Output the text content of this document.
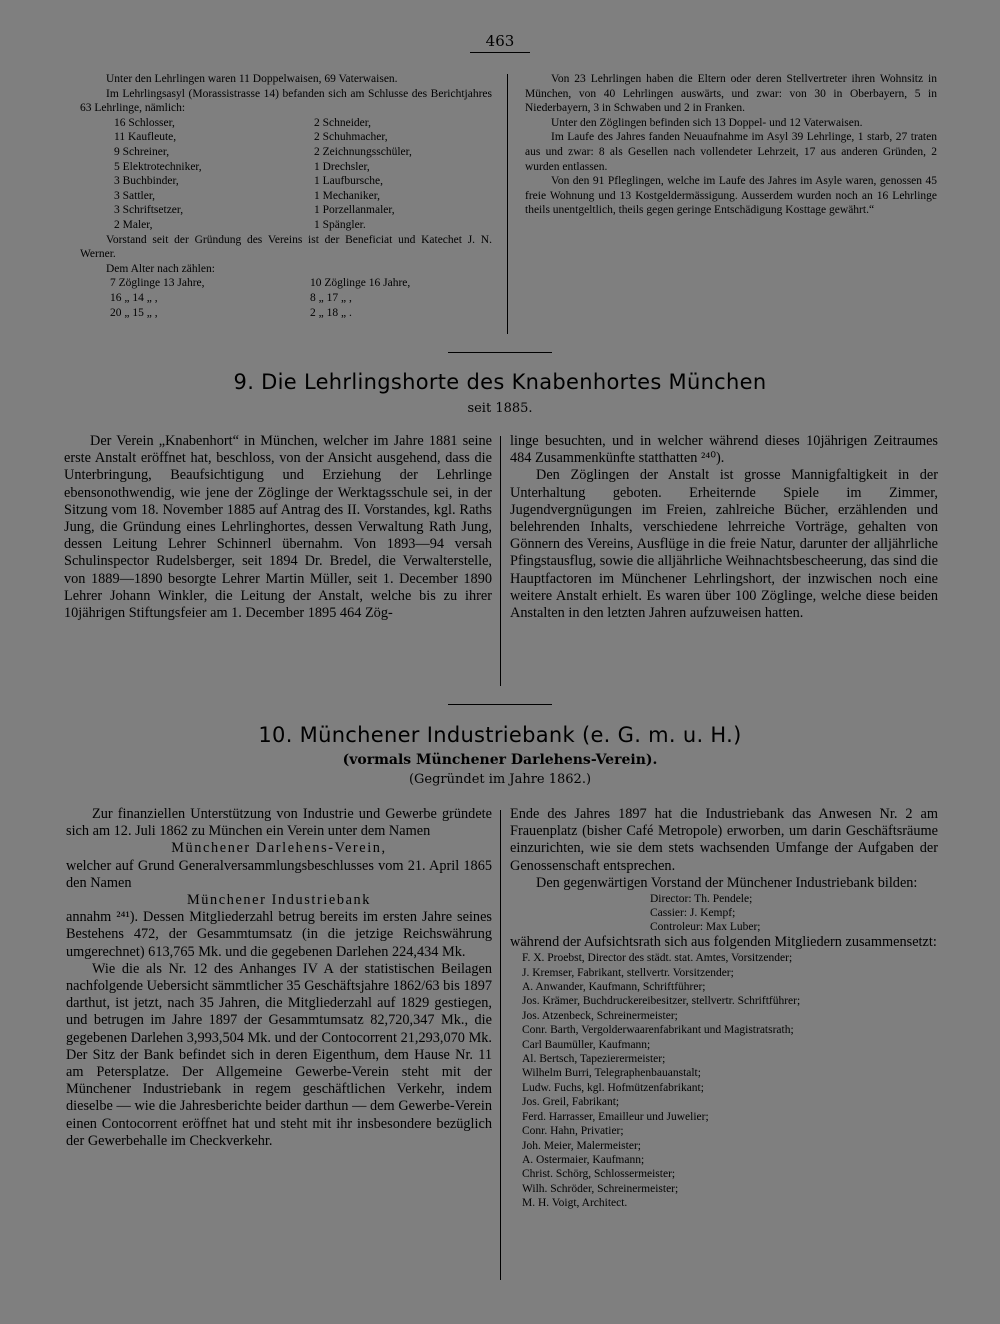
463

Unter den Lehrlingen waren 11 Doppelwaisen, 69 Vaterwaisen.

Im Lehrlingsasyl (Morassistrasse 14) befanden sich am Schlusse des Berichtjahres 63 Lehrlinge, nämlich:

16 Schlosser,	2 Schneider,
11 Kaufleute,	2 Schuhmacher,
9 Schreiner,	2 Zeichnungsschüler,
5 Elektrotechniker,	1 Drechsler,
3 Buchbinder,	1 Laufbursche,
3 Sattler,	1 Mechaniker,
3 Schriftsetzer,	1 Porzellanmaler,
2 Maler,	1 Spängler.

Vorstand seit der Gründung des Vereins ist der Beneficiat und Katechet J. N. Werner.

Dem Alter nach zählen:

7 Zöglinge 13 Jahre,	10 Zöglinge 16 Jahre,
16 „ 14 „ ,	8 „ 17 „ ,
20 „ 15 „ ,	2 „ 18 „ .

Von 23 Lehrlingen haben die Eltern oder deren Stellvertreter ihren Wohnsitz in München, von 40 Lehrlingen auswärts, und zwar: von 30 in Oberbayern, 5 in Niederbayern, 3 in Schwaben und 2 in Franken.

Unter den Zöglingen befinden sich 13 Doppel- und 12 Vaterwaisen.

Im Laufe des Jahres fanden Neuaufnahme im Asyl 39 Lehrlinge, 1 starb, 27 traten aus und zwar: 8 als Gesellen nach vollendeter Lehrzeit, 17 aus anderen Gründen, 2 wurden entlassen.

Von den 91 Pfleglingen, welche im Laufe des Jahres im Asyle waren, genossen 45 freie Wohnung und 13 Kostgeldermässigung. Ausserdem wurden noch an 16 Lehrlinge theils unentgeltlich, theils gegen geringe Entschädigung Kosttage gewährt.“

9. Die Lehrlingshorte des Knabenhortes München
seit 1885.

Der Verein „Knabenhort“ in München, welcher im Jahre 1881 seine erste Anstalt eröffnet hat, beschloss, von der Ansicht ausgehend, dass die Unterbringung, Beaufsichtigung und Erziehung der Lehrlinge ebensonothwendig, wie jene der Zöglinge der Werktagsschule sei, in der Sitzung vom 18. November 1885 auf Antrag des II. Vorstandes, kgl. Raths Jung, die Gründung eines Lehrlinghortes, dessen Verwaltung Rath Jung, dessen Leitung Lehrer Schinnerl übernahm. Von 1893—94 versah Schulinspector Rudelsberger, seit 1894 Dr. Bredel, die Verwalterstelle, von 1889—1890 besorgte Lehrer Martin Müller, seit 1. December 1890 Lehrer Johann Winkler, die Leitung der Anstalt, welche bis zu ihrer 10jährigen Stiftungsfeier am 1. December 1895 464 Zög-

linge besuchten, und in welcher während dieses 10jährigen Zeitraumes 484 Zusammenkünfte statthatten ²⁴⁰).

Den Zöglingen der Anstalt ist grosse Mannigfaltigkeit in der Unterhaltung geboten. Erheiternde Spiele im Zimmer, Jugendvergnügungen im Freien, zahlreiche Bücher, erzählenden und belehrenden Inhalts, verschiedene lehrreiche Vorträge, gehalten von Gönnern des Vereins, Ausflüge in die freie Natur, darunter der alljährliche Pfingstausflug, sowie die alljährliche Weihnachtsbescheerung, das sind die Hauptfactoren im Münchener Lehrlingshort, der inzwischen noch eine weitere Anstalt erhielt. Es waren über 100 Zöglinge, welche diese beiden Anstalten in den letzten Jahren aufzuweisen hatten.

10. Münchener Industriebank (e. G. m. u. H.)
(vormals Münchener Darlehens-Verein).
(Gegründet im Jahre 1862.)

Zur finanziellen Unterstützung von Industrie und Gewerbe gründete sich am 12. Juli 1862 zu München ein Verein unter dem Namen

Münchener Darlehens-Verein,

welcher auf Grund Generalversammlungsbeschlusses vom 21. April 1865 den Namen

Münchener Industriebank

annahm ²⁴¹). Dessen Mitgliederzahl betrug bereits im ersten Jahre seines Bestehens 472, der Gesammtumsatz (in die jetzige Reichswährung umgerechnet) 613,765 Mk. und die gegebenen Darlehen 224,434 Mk.

Wie die als Nr. 12 des Anhanges IV A der statistischen Beilagen nachfolgende Uebersicht sämmtlicher 35 Geschäftsjahre 1862/63 bis 1897 darthut, ist jetzt, nach 35 Jahren, die Mitgliederzahl auf 1829 gestiegen, und betrugen im Jahre 1897 der Gesammtumsatz 82,720,347 Mk., die gegebenen Darlehen 3,993,504 Mk. und der Contocorrent 21,293,070 Mk. Der Sitz der Bank befindet sich in deren Eigenthum, dem Hause Nr. 11 am Petersplatze. Der Allgemeine Gewerbe-Verein steht mit der Münchener Industriebank in regem geschäftlichen Verkehr, indem dieselbe — wie die Jahresberichte beider darthun — dem Gewerbe-Verein einen Contocorrent eröffnet hat und steht mit ihr insbesondere bezüglich der Gewerbehalle im Checkverkehr.

Ende des Jahres 1897 hat die Industriebank das Anwesen Nr. 2 am Frauenplatz (bisher Café Metropole) erworben, um darin Geschäftsräume einzurichten, wie sie dem stets wachsenden Umfange der Aufgaben der Genossenschaft entsprechen.

Den gegenwärtigen Vorstand der Münchener Industriebank bilden:

Director: Th. Pendele;
Cassier: J. Kempf;
Controleur: Max Luber;

während der Aufsichtsrath sich aus folgenden Mitgliedern zusammensetzt:

F. X. Proebst, Director des städt. stat. Amtes, Vorsitzender;
J. Kremser, Fabrikant, stellvertr. Vorsitzender;
A. Anwander, Kaufmann, Schriftführer;
Jos. Krämer, Buchdruckereibesitzer, stellvertr. Schriftführer;
Jos. Atzenbeck, Schreinermeister;
Conr. Barth, Vergolderwaarenfabrikant und Magistratsrath;
Carl Baumüller, Kaufmann;
Al. Bertsch, Tapezierermeister;
Wilhelm Burri, Telegraphenbauanstalt;
Ludw. Fuchs, kgl. Hofmützenfabrikant;
Jos. Greil, Fabrikant;
Ferd. Harrasser, Emailleur und Juwelier;
Conr. Hahn, Privatier;
Joh. Meier, Malermeister;
A. Ostermaier, Kaufmann;
Christ. Schörg, Schlossermeister;
Wilh. Schröder, Schreinermeister;
M. H. Voigt, Architect.
